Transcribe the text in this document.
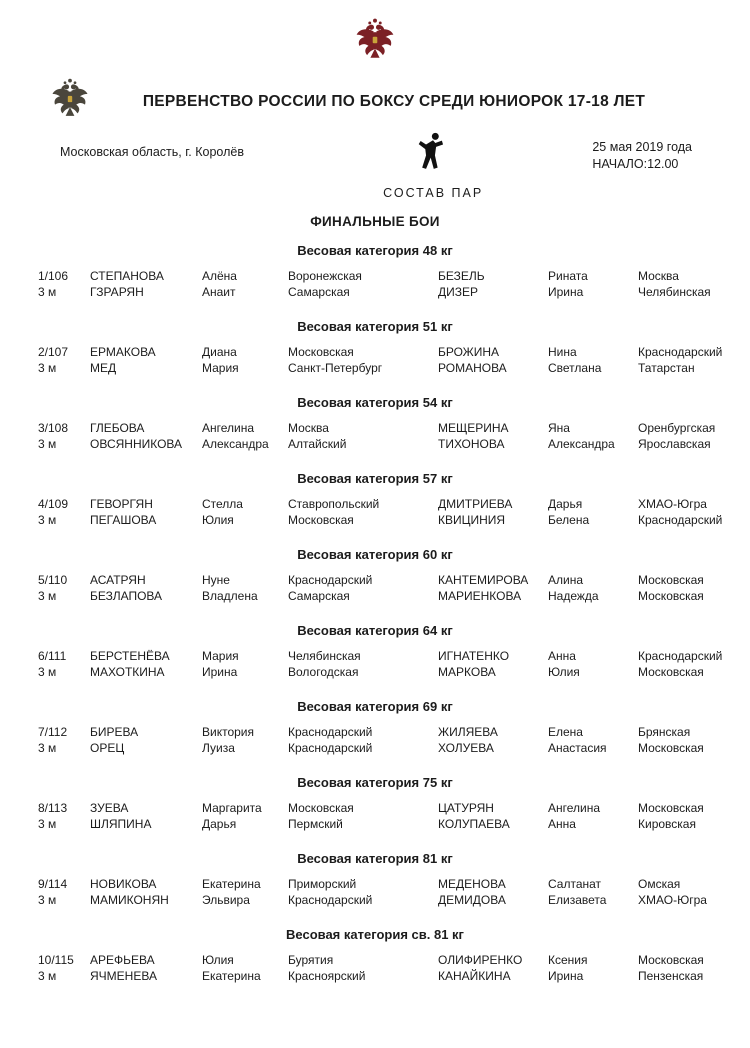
ПЕРВЕНСТВО РОССИИ ПО БОКСУ СРЕДИ ЮНИОРОК 17-18 ЛЕТ
Московская область, г. Королёв
СОСТАВ ПАР
25 мая 2019 года
НАЧАЛО:12.00
ФИНАЛЬНЫЕ БОИ
Весовая категория 48 кг
1/106	СТЕПАНОВА	Алёна	Воронежская	БЕЗЕЛЬ	Рината	Москва
3 м	ГЗРАРЯН	Анаит	Самарская	ДИЗЕР	Ирина	Челябинская
Весовая категория 51 кг
2/107	ЕРМАКОВА	Диана	Московская	БРОЖИНА	Нина	Краснодарский
3 м	МЕД	Мария	Санкт-Петербург	РОМАНОВА	Светлана	Татарстан
Весовая категория 54 кг
3/108	ГЛЕБОВА	Ангелина	Москва	МЕЩЕРИНА	Яна	Оренбургская
3 м	ОВСЯННИКОВА	Александра	Алтайский	ТИХОНОВА	Александра	Ярославская
Весовая категория 57 кг
4/109	ГЕВОРГЯН	Стелла	Ставропольский	ДМИТРИЕВА	Дарья	ХМАО-Югра
3 м	ПЕГАШОВА	Юлия	Московская	КВИЦИНИЯ	Белена	Краснодарский
Весовая категория 60 кг
5/110	АСАТРЯН	Нуне	Краснодарский	КАНТЕМИРОВА	Алина	Московская
3 м	БЕЗЛАПОВА	Владлена	Самарская	МАРИЕНКОВА	Надежда	Московская
Весовая категория 64 кг
6/111	БЕРСТЕНЁВА	Мария	Челябинская	ИГНАТЕНКО	Анна	Краснодарский
3 м	МАХОТКИНА	Ирина	Вологодская	МАРКОВА	Юлия	Московская
Весовая категория 69 кг
7/112	БИРЕВА	Виктория	Краснодарский	ЖИЛЯЕВА	Елена	Брянская
3 м	ОРЕЦ	Луиза	Краснодарский	ХОЛУЕВА	Анастасия	Московская
Весовая категория 75 кг
8/113	ЗУЕВА	Маргарита	Московская	ЦАТУРЯН	Ангелина	Московская
3 м	ШЛЯПИНА	Дарья	Пермский	КОЛУПАЕВА	Анна	Кировская
Весовая категория 81 кг
9/114	НОВИКОВА	Екатерина	Приморский	МЕДЕНОВА	Салтанат	Омская
3 м	МАМИКОНЯН	Эльвира	Краснодарский	ДЕМИДОВА	Елизавета	ХМАО-Югра
Весовая категория св. 81 кг
10/115	АРЕФЬЕВА	Юлия	Бурятия	ОЛИФИРЕНКО	Ксения	Московская
3 м	ЯЧМЕНЕВА	Екатерина	Красноярский	КАНАЙКИНА	Ирина	Пензенская
